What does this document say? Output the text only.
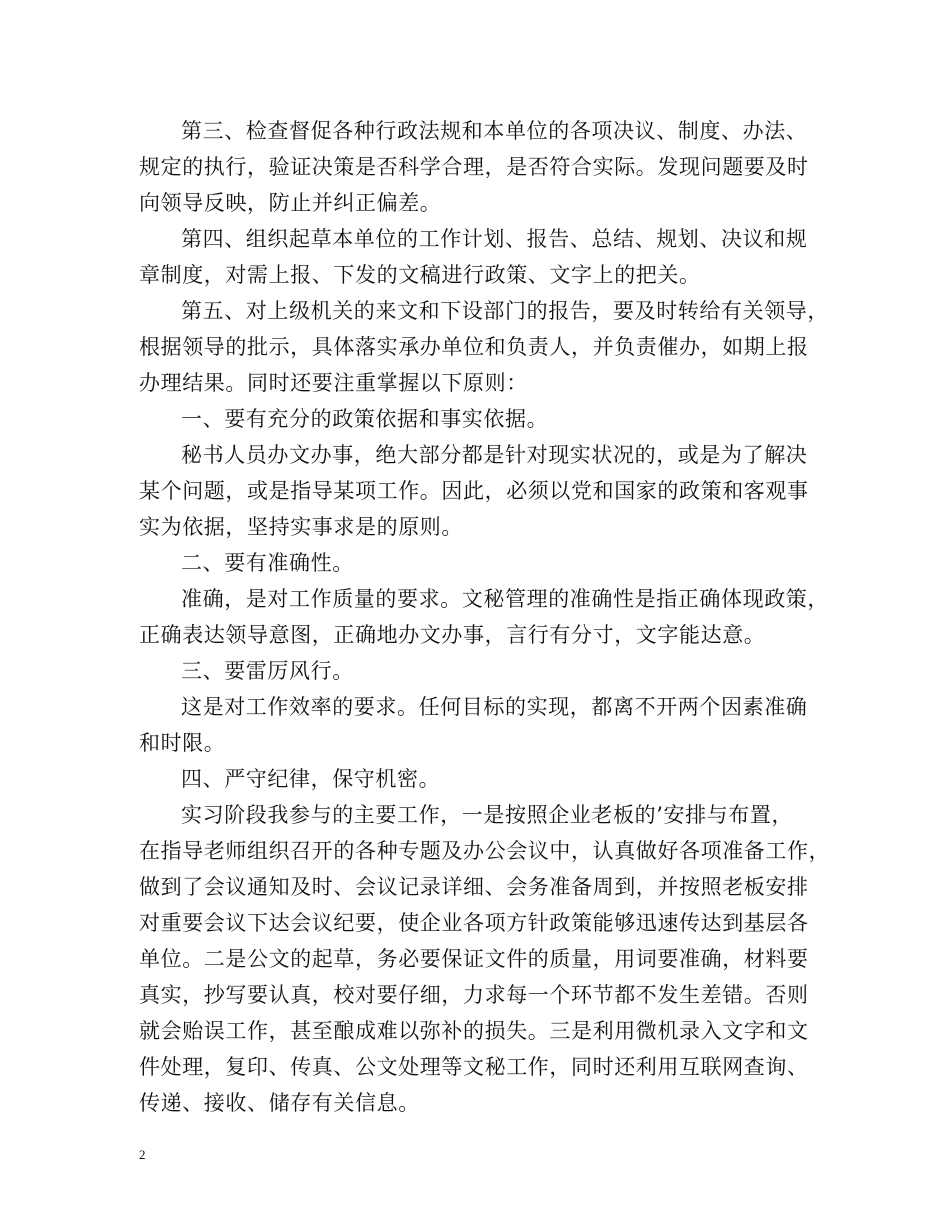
第三、检查督促各种行政法规和本单位的各项决议、制度、办法、
规定的执行，验证决策是否科学合理，是否符合实际。发现问题要及时
向领导反映，防止并纠正偏差。
第四、组织起草本单位的工作计划、报告、总结、规划、决议和规
章制度，对需上报、下发的文稿进行政策、文字上的把关。
第五、对上级机关的来文和下设部门的报告，要及时转给有关领导，
根据领导的批示，具体落实承办单位和负责人，并负责催办，如期上报
办理结果。同时还要注重掌握以下原则：
一、要有充分的政策依据和事实依据。
秘书人员办文办事，绝大部分都是针对现实状况的，或是为了解决
某个问题，或是指导某项工作。因此，必须以党和国家的政策和客观事
实为依据，坚持实事求是的原则。
二、要有准确性。
准确，是对工作质量的要求。文秘管理的准确性是指正确体现政策，
正确表达领导意图，正确地办文办事，言行有分寸，文字能达意。
三、要雷厉风行。
这是对工作效率的要求。任何目标的实现，都离不开两个因素准确
和时限。
四、严守纪律，保守机密。
实习阶段我参与的主要工作，一是按照企业老板的’安排与布置，
在指导老师组织召开的各种专题及办公会议中，认真做好各项准备工作，
做到了会议通知及时、会议记录详细、会务准备周到，并按照老板安排
对重要会议下达会议纪要，使企业各项方针政策能够迅速传达到基层各
单位。二是公文的起草，务必要保证文件的质量，用词要准确，材料要
真实，抄写要认真，校对要仔细，力求每一个环节都不发生差错。否则
就会贻误工作，甚至酿成难以弥补的损失。三是利用微机录入文字和文
件处理，复印、传真、公文处理等文秘工作，同时还利用互联网查询、
传递、接收、储存有关信息。
2
